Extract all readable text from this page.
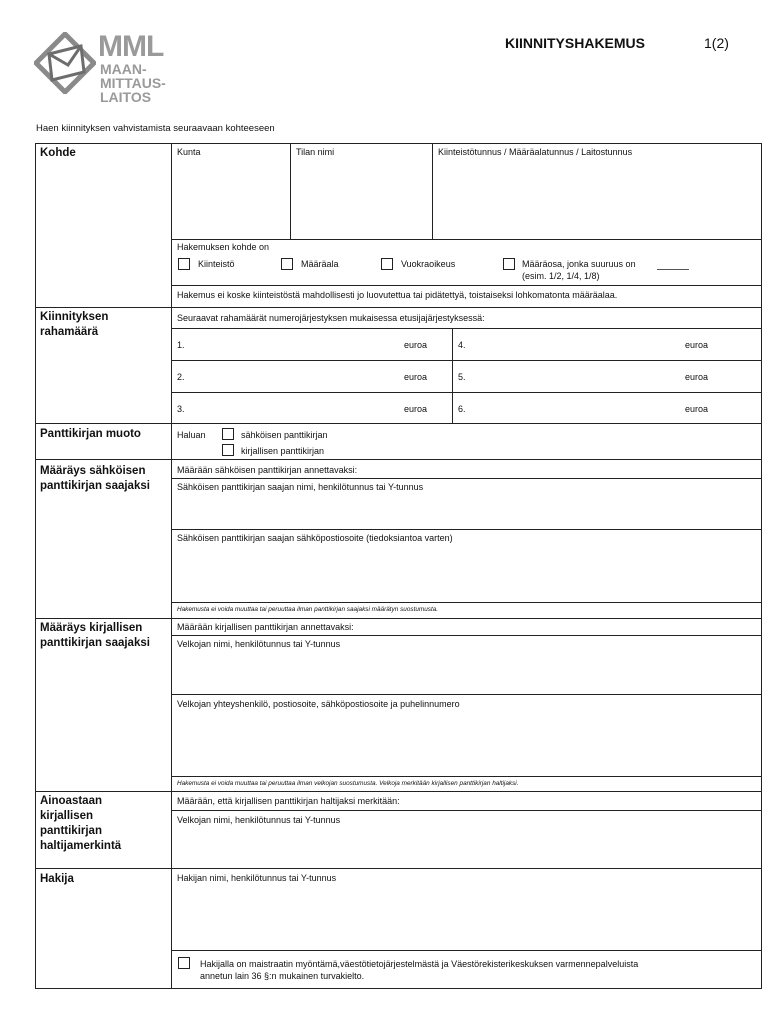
MML
MAAN-
MITTAUS-
LAITOS
KIINNITYSHAKEMUS	1(2)
Haen kiinnityksen vahvistamista seuraavaan kohteeseen
Kohde	Kunta	Tilan nimi	Kiinteistötunnus / Määräalatunnus / Laitostunnus
Hakemuksen kohde on
Kiinteistö	Määräala	Vuokraoikeus	Määräosa, jonka suuruus on
(esim. 1/2, 1/4, 1/8)
Hakemus ei koske kiinteistöstä mahdollisesti jo luovutettua tai pidätettyä, toistaiseksi lohkomatonta määräalaa.
Kiinnityksen rahamäärä
Seuraavat rahamäärät numerojärjestyksen mukaisessa etusijajärjestyksessä:
1.	euroa	4.	euroa
2.	euroa	5.	euroa
3.	euroa	6.	euroa
Panttikirjan muoto	Haluan	sähköisen panttikirjan
kirjallisen panttikirjan
Määräys sähköisen panttikirjan saajaksi
Määrään sähköisen panttikirjan annettavaksi:
Sähköisen panttikirjan saajan nimi, henkilötunnus tai Y-tunnus
Sähköisen panttikirjan saajan sähköpostiosoite (tiedoksiantoa varten)
Hakemusta ei voida muuttaa tai peruuttaa ilman panttikirjan saajaksi määrätyn suostumusta.
Määräys kirjallisen panttikirjan saajaksi
Määrään kirjallisen panttikirjan annettavaksi:
Velkojan nimi, henkilötunnus tai Y-tunnus
Velkojan yhteyshenkilö, postiosoite, sähköpostiosoite ja puhelinnumero
Hakemusta ei voida muuttaa tai peruuttaa ilman velkojan suostumusta. Velkoja merkitään kirjallisen panttikirjan haltijaksi.
Ainoastaan kirjallisen panttikirjan haltijamerkintä
Määrään, että kirjallisen panttikirjan haltijaksi merkitään:
Velkojan nimi, henkilötunnus tai Y-tunnus
Hakija	Hakijan nimi, henkilötunnus tai Y-tunnus
Hakijalla on maistraatin myöntämä,väestötietojärjestelmästä ja Väestörekisterikeskuksen varmennepalveluista
annetun lain 36 §:n mukainen turvakielto.
